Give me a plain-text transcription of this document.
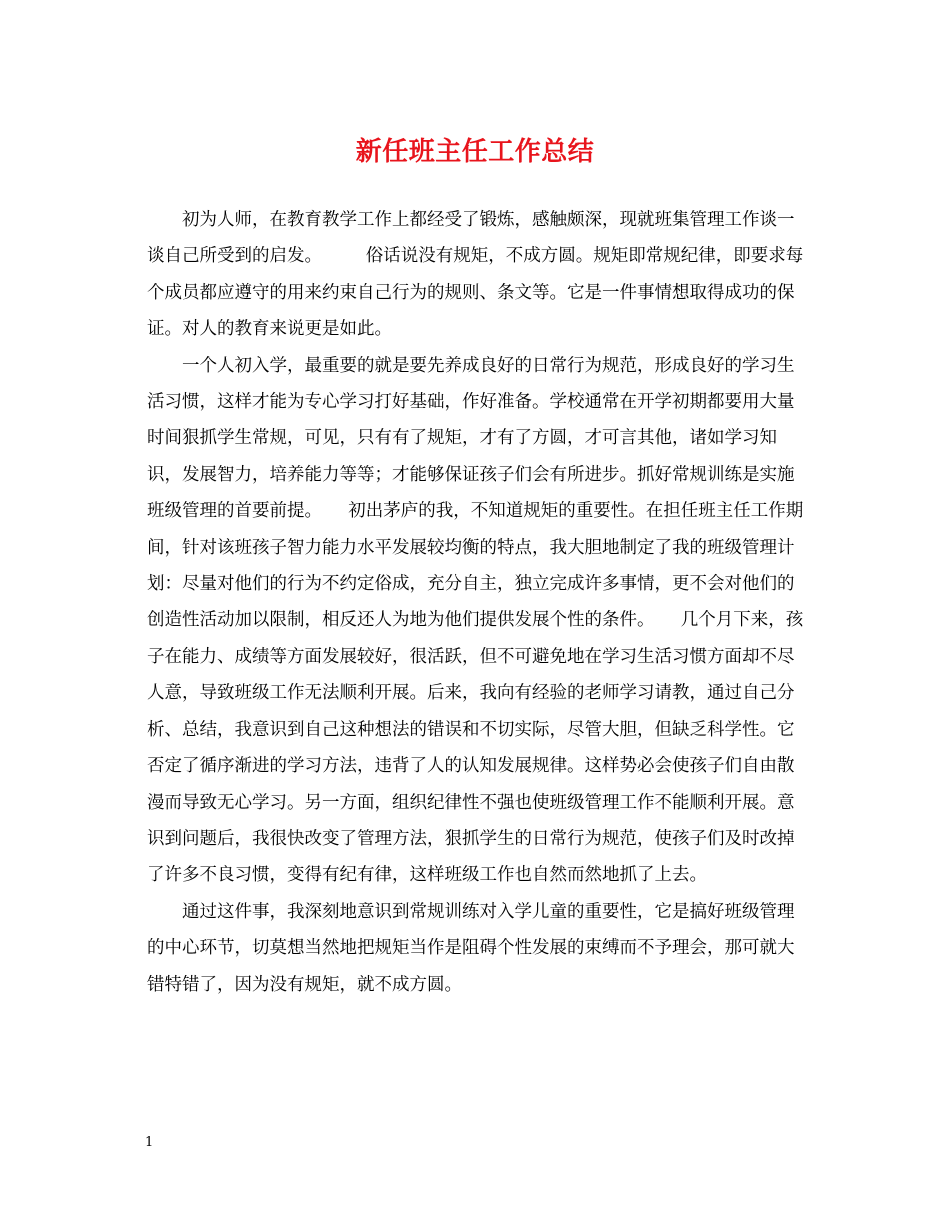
新任班主任工作总结

初为人师，在教育教学工作上都经受了锻炼，感触颇深，现就班集管理工作谈一谈自己所受到的启发。　　　俗话说没有规矩，不成方圆。规矩即常规纪律，即要求每个成员都应遵守的用来约束自己行为的规则、条文等。它是一件事情想取得成功的保证。对人的教育来说更是如此。

一个人初入学，最重要的就是要先养成良好的日常行为规范，形成良好的学习生活习惯，这样才能为专心学习打好基础，作好准备。学校通常在开学初期都要用大量时间狠抓学生常规，可见，只有有了规矩，才有了方圆，才可言其他，诸如学习知识，发展智力，培养能力等等；才能够保证孩子们会有所进步。抓好常规训练是实施班级管理的首要前提。　　初出茅庐的我，不知道规矩的重要性。在担任班主任工作期间，针对该班孩子智力能力水平发展较均衡的特点，我大胆地制定了我的班级管理计划：尽量对他们的行为不约定俗成，充分自主，独立完成许多事情，更不会对他们的创造性活动加以限制，相反还人为地为他们提供发展个性的条件。　　几个月下来，孩子在能力、成绩等方面发展较好，很活跃，但不可避免地在学习生活习惯方面却不尽人意，导致班级工作无法顺利开展。后来，我向有经验的老师学习请教，通过自己分析、总结，我意识到自己这种想法的错误和不切实际，尽管大胆，但缺乏科学性。它否定了循序渐进的学习方法，违背了人的认知发展规律。这样势必会使孩子们自由散漫而导致无心学习。另一方面，组织纪律性不强也使班级管理工作不能顺利开展。意识到问题后，我很快改变了管理方法，狠抓学生的日常行为规范，使孩子们及时改掉了许多不良习惯，变得有纪有律，这样班级工作也自然而然地抓了上去。

通过这件事，我深刻地意识到常规训练对入学儿童的重要性，它是搞好班级管理的中心环节，切莫想当然地把规矩当作是阻碍个性发展的束缚而不予理会，那可就大错特错了，因为没有规矩，就不成方圆。

1
